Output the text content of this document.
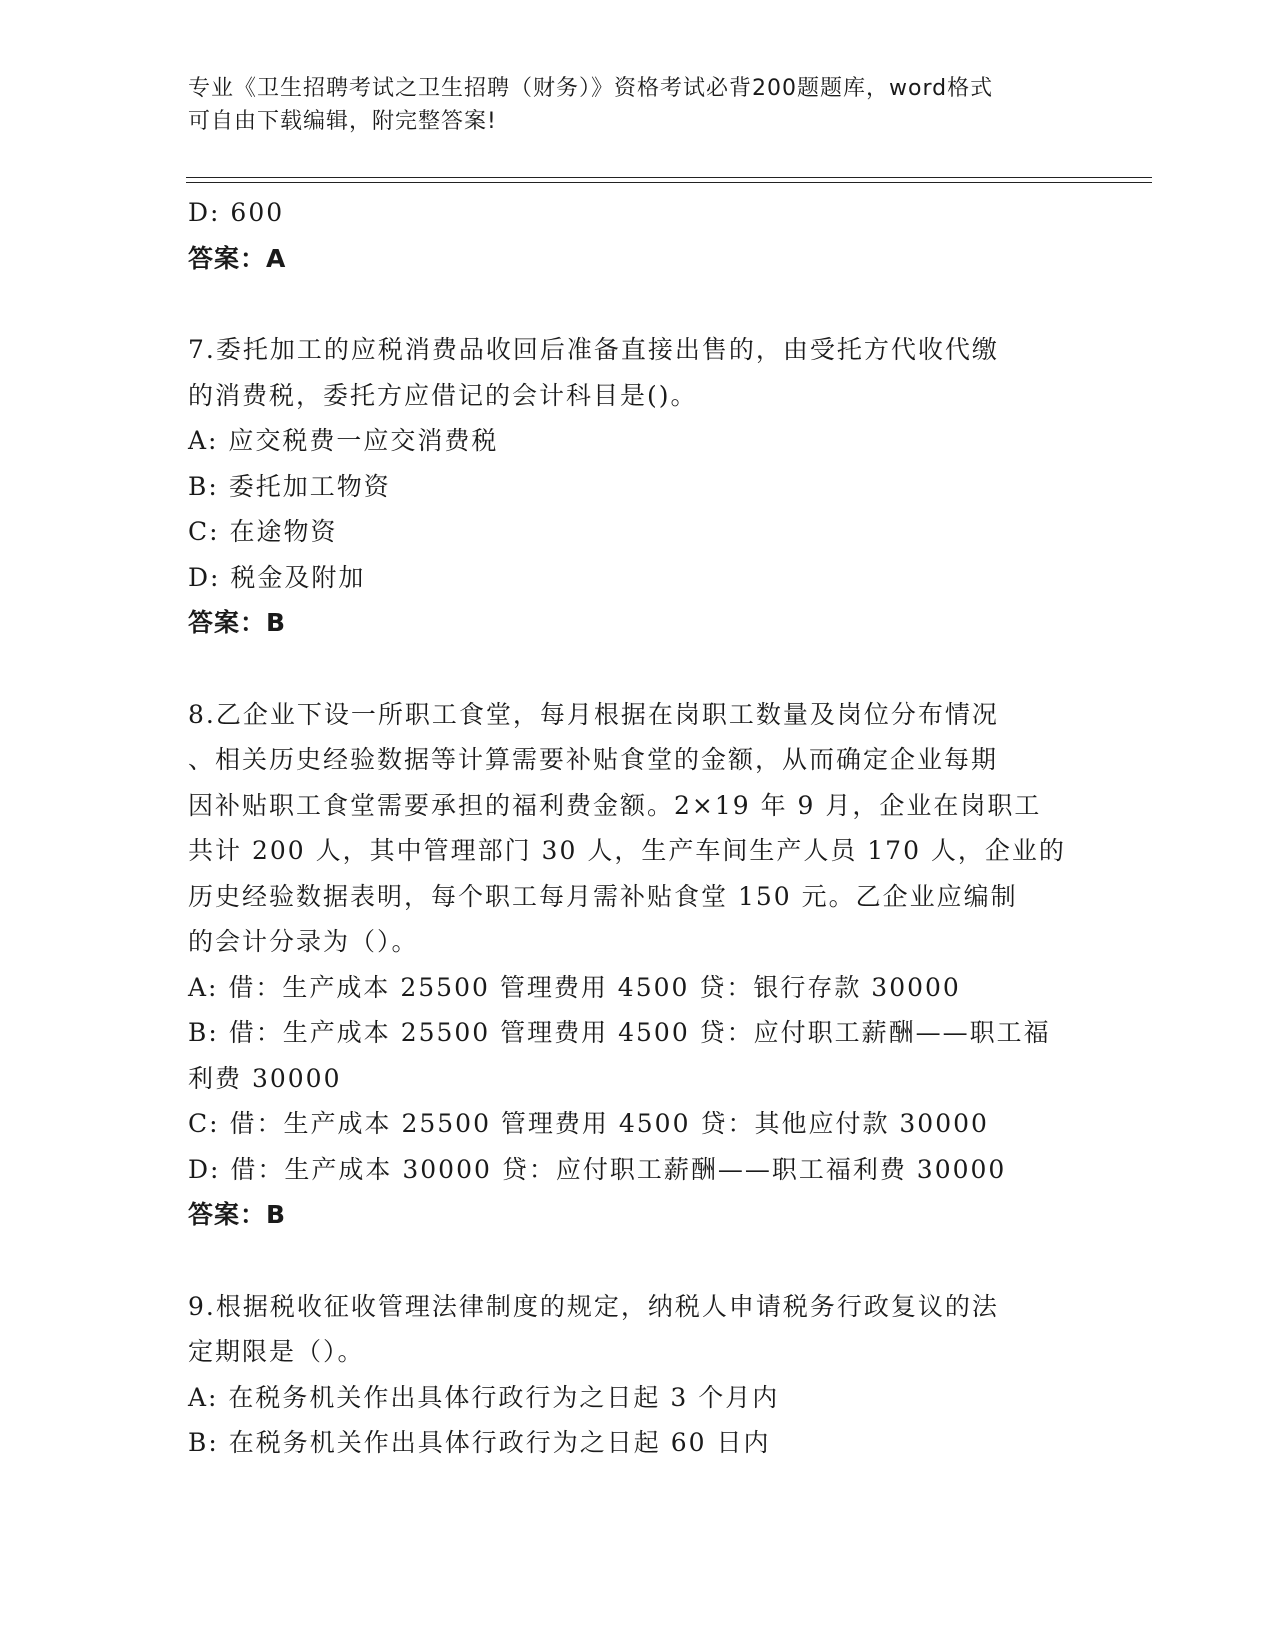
专业《卫生招聘考试之卫生招聘（财务）》资格考试必背200题题库，word格式
可自由下载编辑，附完整答案!
D: 600
答案：A
7.委托加工的应税消费品收回后准备直接出售的，由受托方代收代缴
的消费税，委托方应借记的会计科目是()。
A: 应交税费一应交消费税
B: 委托加工物资
C: 在途物资
D: 税金及附加
答案：B
8.乙企业下设一所职工食堂，每月根据在岗职工数量及岗位分布情况
、相关历史经验数据等计算需要补贴食堂的金额，从而确定企业每期
因补贴职工食堂需要承担的福利费金额。2×19 年 9 月，企业在岗职工
共计 200 人，其中管理部门 30 人，生产车间生产人员 170 人，企业的
历史经验数据表明，每个职工每月需补贴食堂 150 元。乙企业应编制
的会计分录为（）。
A: 借：生产成本 25500 管理费用 4500 贷：银行存款 30000
B: 借：生产成本 25500 管理费用 4500 贷：应付职工薪酬——职工福
利费 30000
C: 借：生产成本 25500 管理费用 4500 贷：其他应付款 30000
D: 借：生产成本 30000 贷：应付职工薪酬——职工福利费 30000
答案：B
9.根据税收征收管理法律制度的规定，纳税人申请税务行政复议的法
定期限是（）。
A: 在税务机关作出具体行政行为之日起 3 个月内
B: 在税务机关作出具体行政行为之日起 60 日内
